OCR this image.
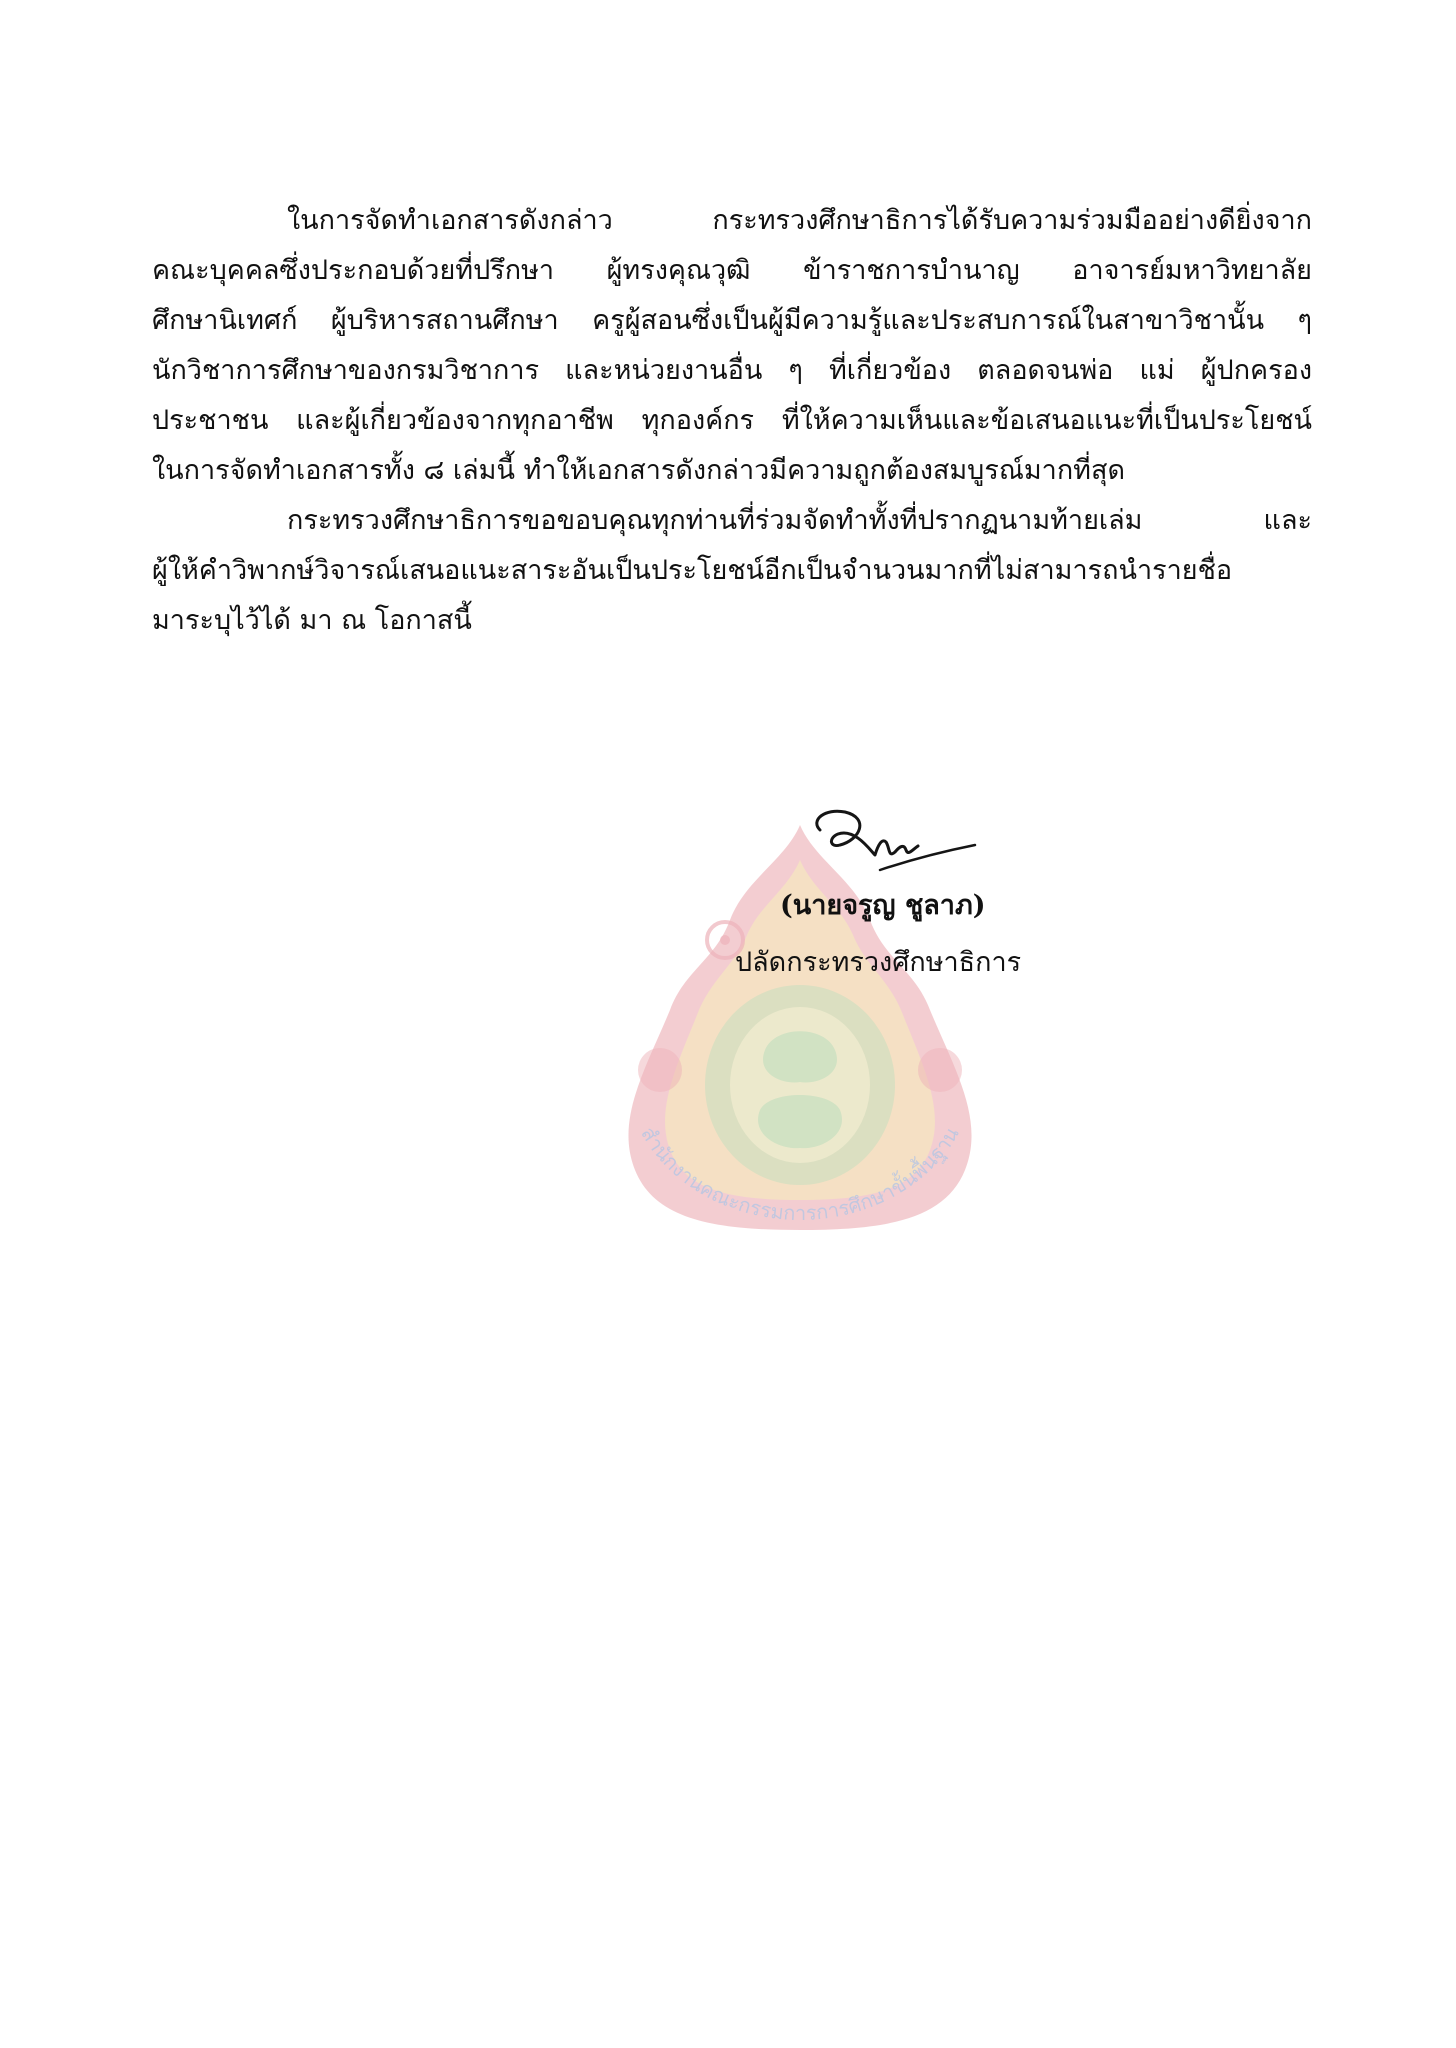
สำนักงานคณะกรรมการการศึกษาขั้นพื้นฐาน

ในการจัดทำเอกสารดังกล่าว กระทรวงศึกษาธิการได้รับความร่วมมืออย่างดียิ่งจาก
คณะบุคคลซึ่งประกอบด้วยที่ปรึกษา ผู้ทรงคุณวุฒิ ข้าราชการบำนาญ อาจารย์มหาวิทยาลัย
ศึกษานิเทศก์ ผู้บริหารสถานศึกษา ครูผู้สอนซึ่งเป็นผู้มีความรู้และประสบการณ์ในสาขาวิชานั้น ๆ
นักวิชาการศึกษาของกรมวิชาการ และหน่วยงานอื่น ๆ ที่เกี่ยวข้อง ตลอดจนพ่อ แม่ ผู้ปกครอง
ประชาชน และผู้เกี่ยวข้องจากทุกอาชีพ ทุกองค์กร ที่ให้ความเห็นและข้อเสนอแนะที่เป็นประโยชน์
ในการจัดทำเอกสารทั้ง ๘ เล่มนี้ ทำให้เอกสารดังกล่าวมีความถูกต้องสมบูรณ์มากที่สุด

กระทรวงศึกษาธิการขอขอบคุณทุกท่านที่ร่วมจัดทำทั้งที่ปรากฏนามท้ายเล่ม และ
ผู้ให้คำวิพากษ์วิจารณ์เสนอแนะสาระอันเป็นประโยชน์อีกเป็นจำนวนมากที่ไม่สามารถนำรายชื่อ
มาระบุไว้ได้ มา ณ โอกาสนี้

(นายจรูญ ชูลาภ)
ปลัดกระทรวงศึกษาธิการ
